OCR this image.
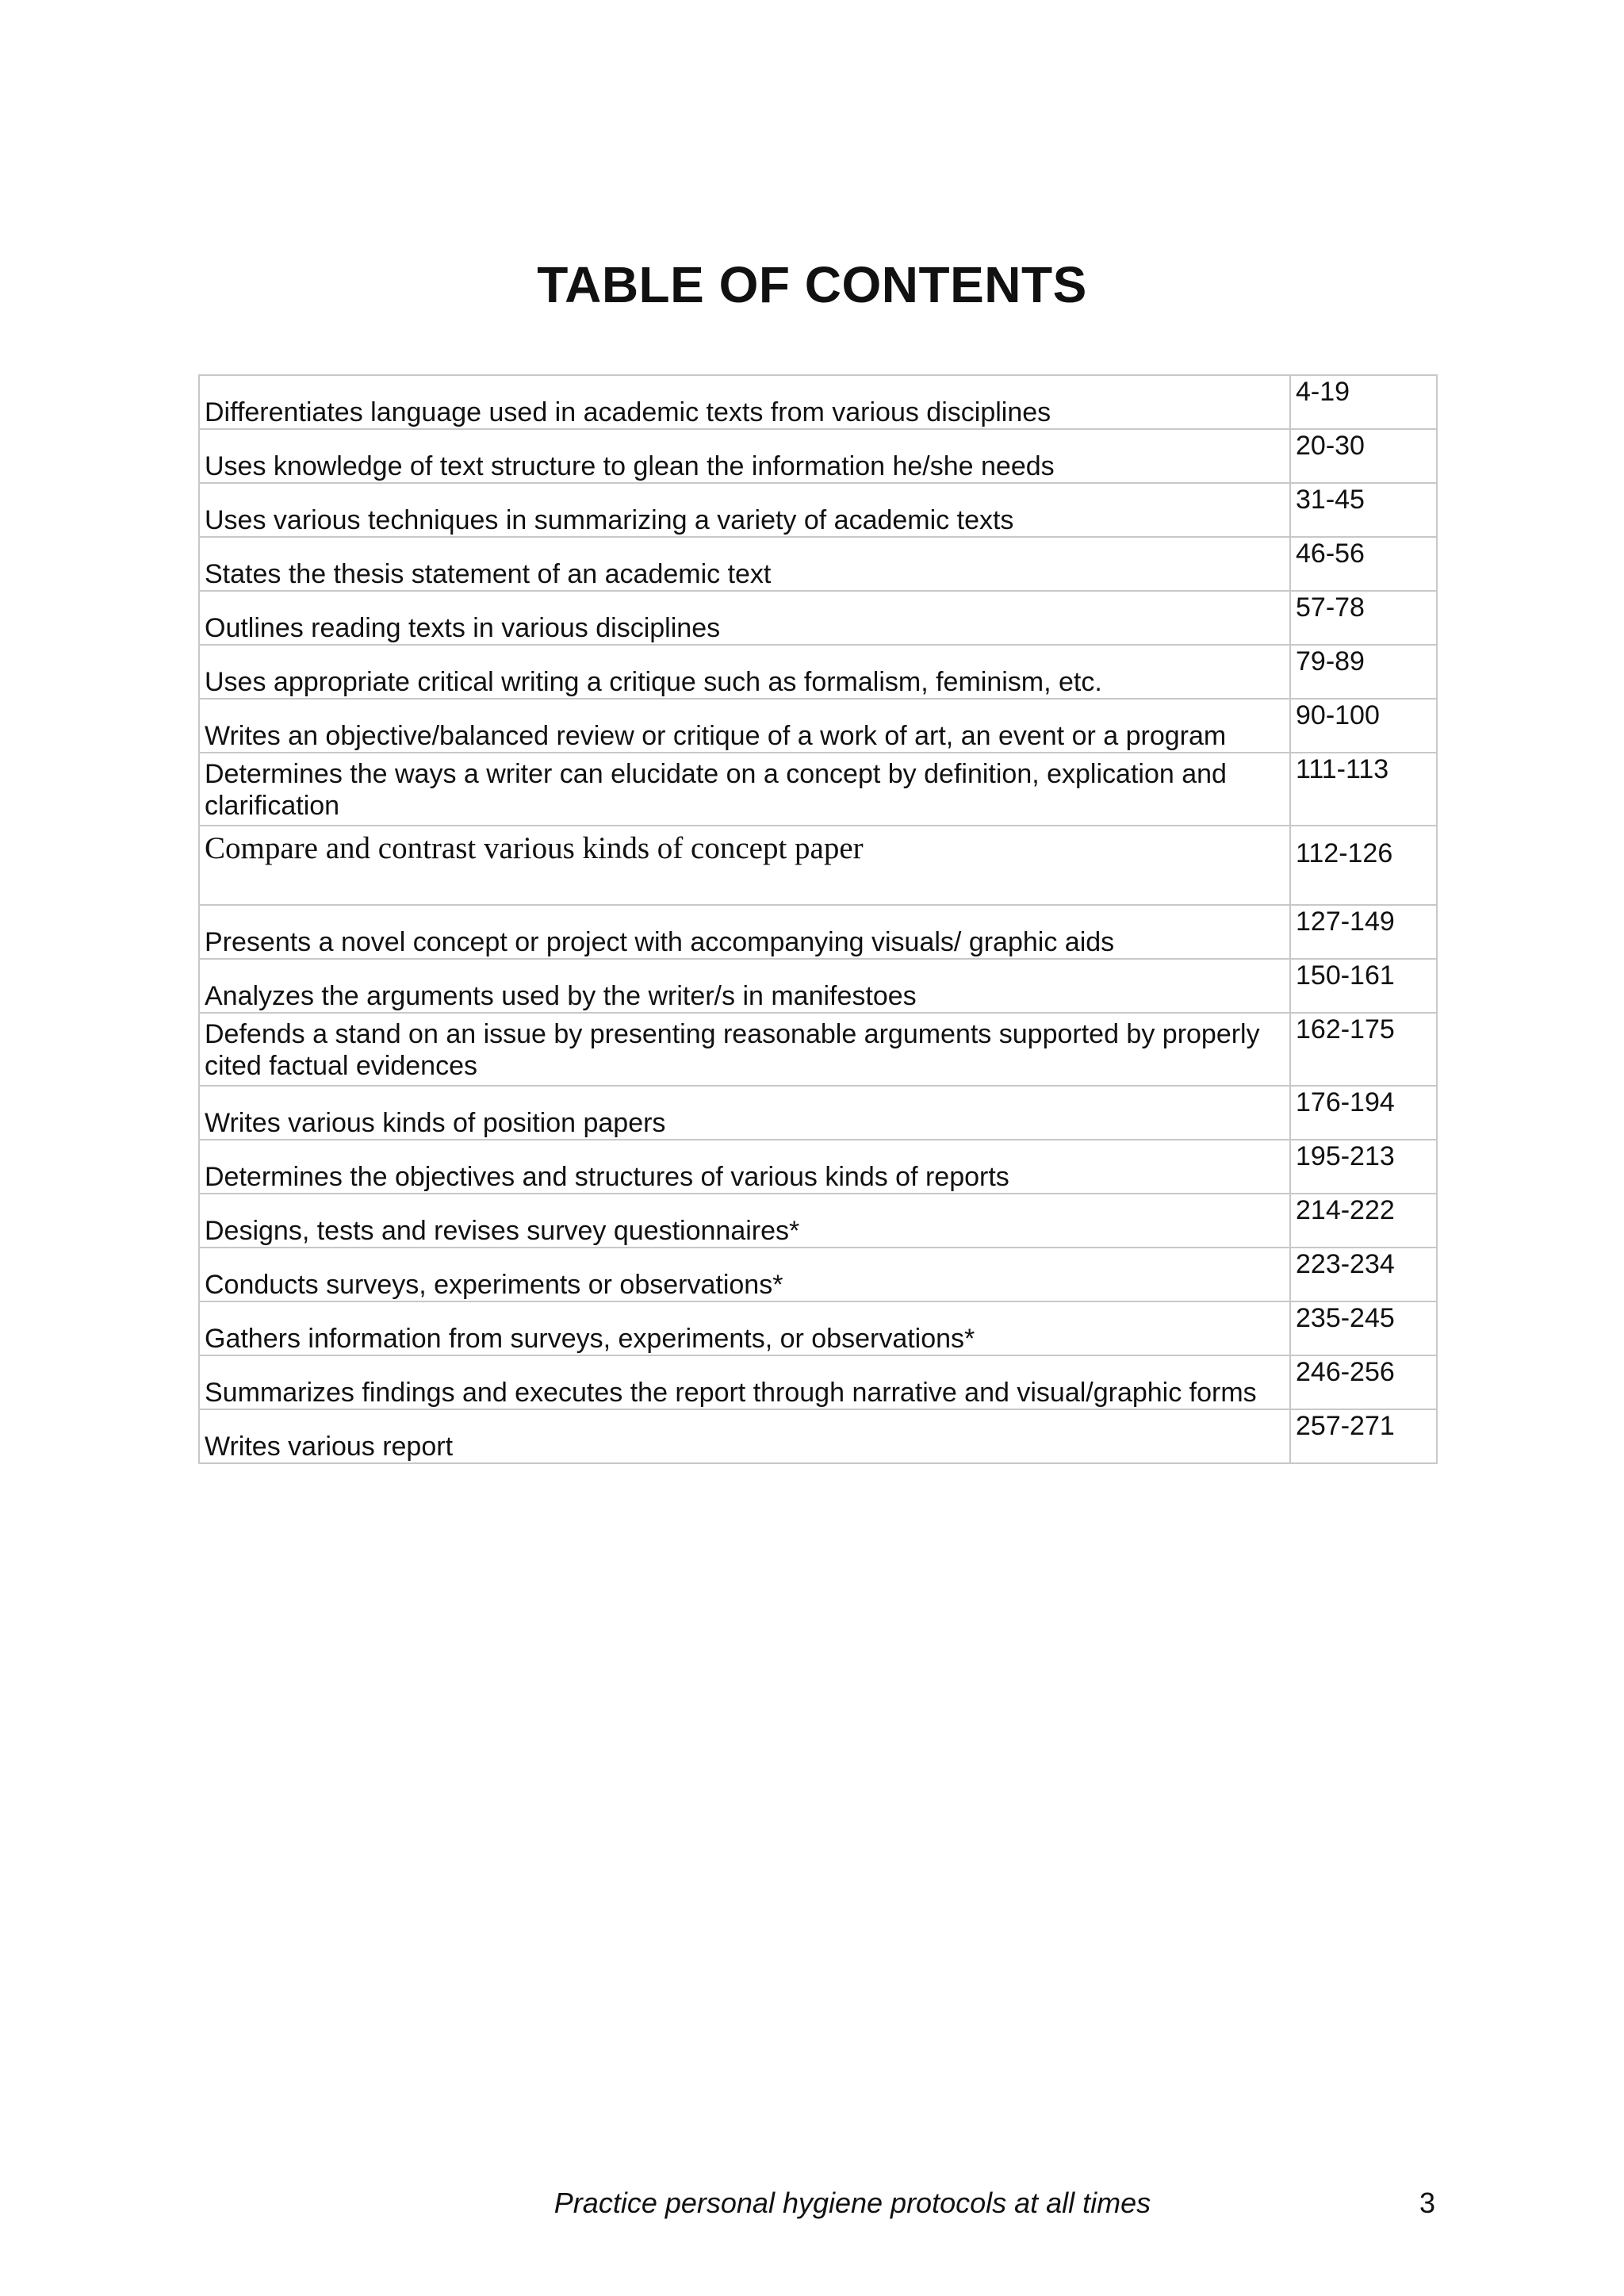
TABLE OF CONTENTS
Differentiates language used in academic texts from various disciplines	4-19
Uses knowledge of text structure to glean the information he/she needs	20-30
Uses various techniques in summarizing a variety of academic texts	31-45
States the thesis statement of an academic text	46-56
Outlines reading texts in various disciplines	57-78
Uses appropriate critical writing a critique such as formalism, feminism, etc.	79-89
Writes an objective/balanced review or critique of a work of art, an event or a program	90-100
Determines the ways a writer can elucidate on a concept by definition, explication and clarification	111-113
Compare and contrast various kinds of concept paper	112-126
Presents a novel concept or project with accompanying visuals/ graphic aids	127-149
Analyzes the arguments used by the writer/s in manifestoes	150-161
Defends a stand on an issue by presenting reasonable arguments supported by properly cited factual evidences	162-175
Writes various kinds of position papers	176-194
Determines the objectives and structures of various kinds of reports	195-213
Designs, tests and revises survey questionnaires*	214-222
Conducts surveys, experiments or observations*	223-234
Gathers information from surveys, experiments, or observations*	235-245
Summarizes findings and executes the report through narrative and visual/graphic forms	246-256
Writes various report	257-271
Practice personal hygiene protocols at all times	3
